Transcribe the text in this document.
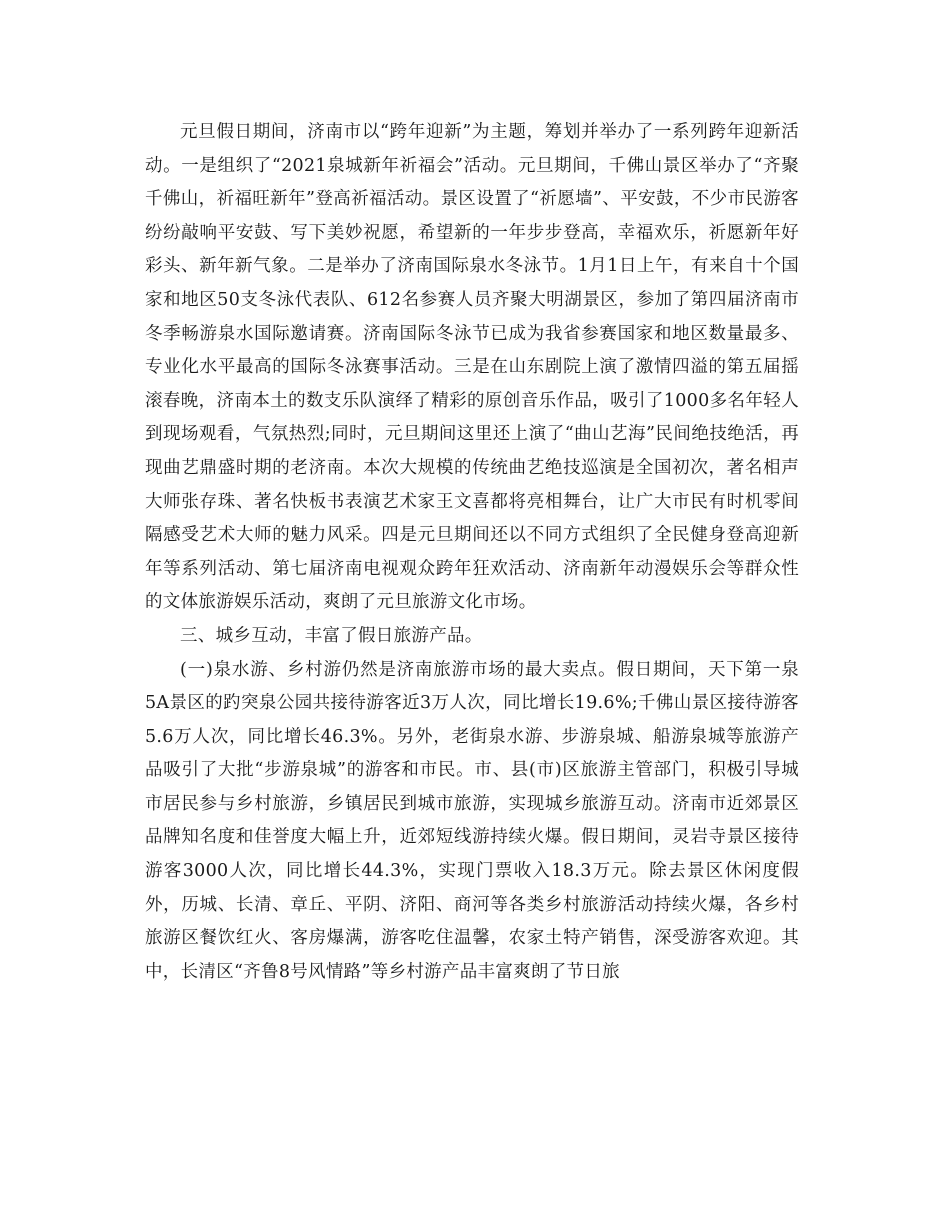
元旦假日期间，济南市以“跨年迎新”为主题，筹划并举办了一系列跨年迎新活动。一是组织了“2021泉城新年祈福会”活动。元旦期间，千佛山景区举办了“齐聚千佛山，祈福旺新年”登高祈福活动。景区设置了“祈愿墙”、平安鼓，不少市民游客纷纷敲响平安鼓、写下美妙祝愿，希望新的一年步步登高，幸福欢乐，祈愿新年好彩头、新年新气象。二是举办了济南国际泉水冬泳节。1月1日上午，有来自十个国家和地区50支冬泳代表队、612名参赛人员齐聚大明湖景区，参加了第四届济南市冬季畅游泉水国际邀请赛。济南国际冬泳节已成为我省参赛国家和地区数量最多、专业化水平最高的国际冬泳赛事活动。三是在山东剧院上演了激情四溢的第五届摇滚春晚，济南本土的数支乐队演绎了精彩的原创音乐作品，吸引了1000多名年轻人到现场观看，气氛热烈;同时，元旦期间这里还上演了“曲山艺海”民间绝技绝活，再现曲艺鼎盛时期的老济南。本次大规模的传统曲艺绝技巡演是全国初次，著名相声大师张存珠、著名快板书表演艺术家王文喜都将亮相舞台，让广大市民有时机零间隔感受艺术大师的魅力风采。四是元旦期间还以不同方式组织了全民健身登高迎新年等系列活动、第七届济南电视观众跨年狂欢活动、济南新年动漫娱乐会等群众性的文体旅游娱乐活动，爽朗了元旦旅游文化市场。

三、城乡互动，丰富了假日旅游产品。

(一)泉水游、乡村游仍然是济南旅游市场的最大卖点。假日期间，天下第一泉5A景区的趵突泉公园共接待游客近3万人次，同比增长19.6%;千佛山景区接待游客5.6万人次，同比增长46.3%。另外，老街泉水游、步游泉城、船游泉城等旅游产品吸引了大批“步游泉城”的游客和市民。市、县(市)区旅游主管部门，积极引导城市居民参与乡村旅游，乡镇居民到城市旅游，实现城乡旅游互动。济南市近郊景区品牌知名度和佳誉度大幅上升，近郊短线游持续火爆。假日期间，灵岩寺景区接待游客3000人次，同比增长44.3%，实现门票收入18.3万元。除去景区休闲度假外，历城、长清、章丘、平阴、济阳、商河等各类乡村旅游活动持续火爆，各乡村旅游区餐饮红火、客房爆满，游客吃住温馨，农家土特产销售，深受游客欢迎。其中，长清区“齐鲁8号风情路”等乡村游产品丰富爽朗了节日旅
